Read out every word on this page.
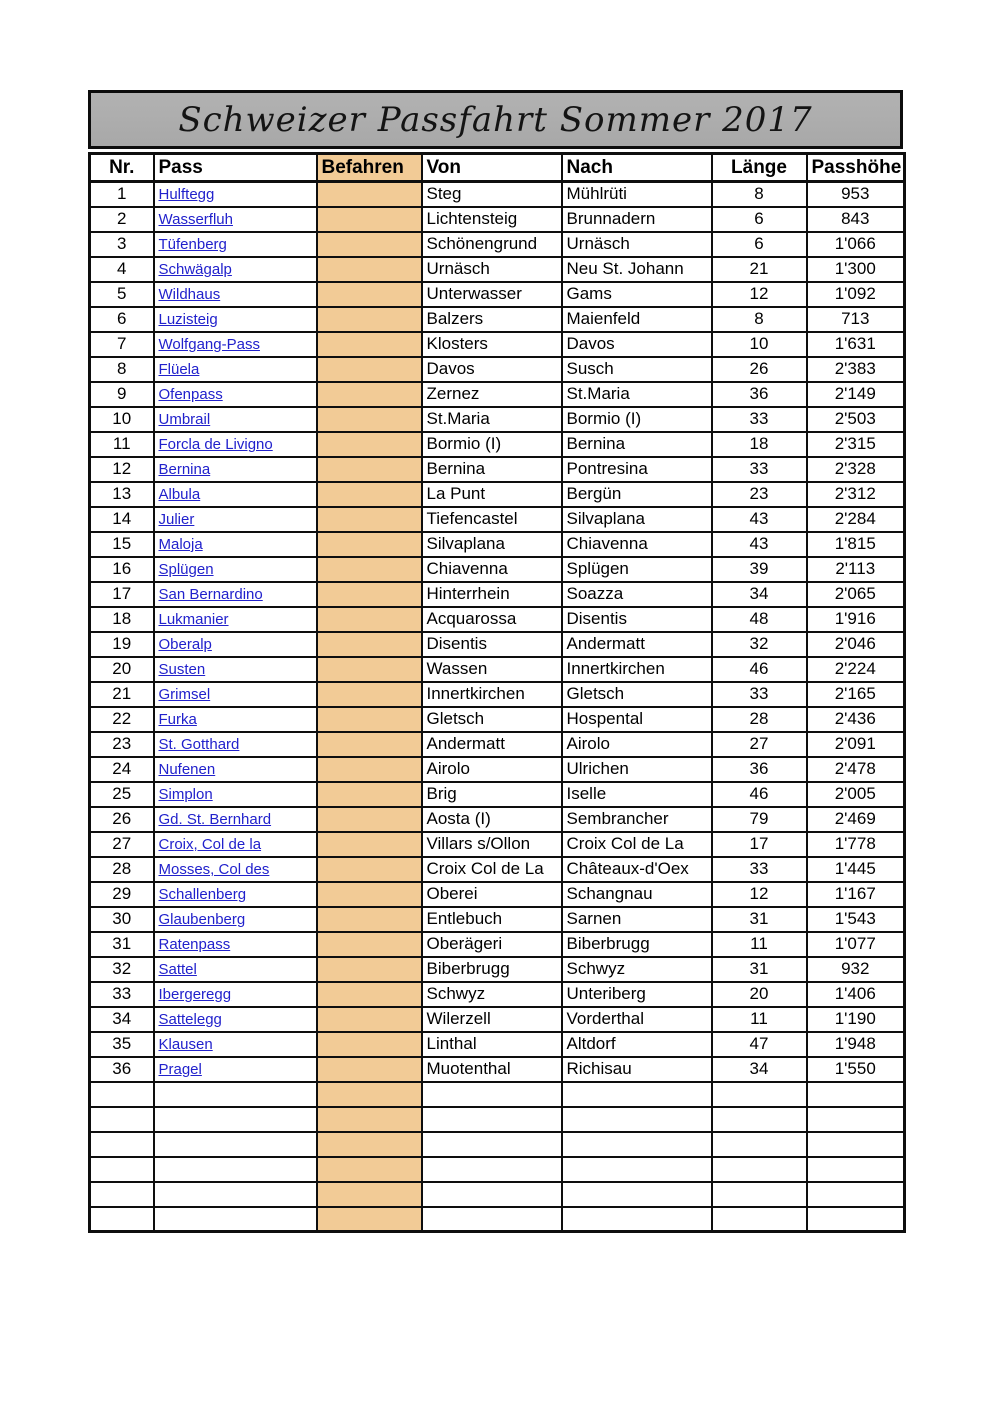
Schweizer Passfahrt Sommer 2017
Nr.	Pass	Befahren	Von	Nach	Länge	Passhöhe
1	Hulftegg		Steg	Mühlrüti	8	953
2	Wasserfluh		Lichtensteig	Brunnadern	6	843
3	Tüfenberg		Schönengrund	Urnäsch	6	1'066
4	Schwägalp		Urnäsch	Neu St. Johann	21	1'300
5	Wildhaus		Unterwasser	Gams	12	1'092
6	Luzisteig		Balzers	Maienfeld	8	713
7	Wolfgang-Pass		Klosters	Davos	10	1'631
8	Flüela		Davos	Susch	26	2'383
9	Ofenpass		Zernez	St.Maria	36	2'149
10	Umbrail		St.Maria	Bormio (I)	33	2'503
11	Forcla de Livigno		Bormio (I)	Bernina	18	2'315
12	Bernina		Bernina	Pontresina	33	2'328
13	Albula		La Punt	Bergün	23	2'312
14	Julier		Tiefencastel	Silvaplana	43	2'284
15	Maloja		Silvaplana	Chiavenna	43	1'815
16	Splügen		Chiavenna	Splügen	39	2'113
17	San Bernardino		Hinterrhein	Soazza	34	2'065
18	Lukmanier		Acquarossa	Disentis	48	1'916
19	Oberalp		Disentis	Andermatt	32	2'046
20	Susten		Wassen	Innertkirchen	46	2'224
21	Grimsel		Innertkirchen	Gletsch	33	2'165
22	Furka		Gletsch	Hospental	28	2'436
23	St. Gotthard		Andermatt	Airolo	27	2'091
24	Nufenen		Airolo	Ulrichen	36	2'478
25	Simplon		Brig	Iselle	46	2'005
26	Gd. St. Bernhard		Aosta (I)	Sembrancher	79	2'469
27	Croix, Col de la		Villars s/Ollon	Croix Col de La	17	1'778
28	Mosses, Col des		Croix Col de La	Châteaux-d'Oex	33	1'445
29	Schallenberg		Oberei	Schangnau	12	1'167
30	Glaubenberg		Entlebuch	Sarnen	31	1'543
31	Ratenpass		Oberägeri	Biberbrugg	11	1'077
32	Sattel		Biberbrugg	Schwyz	31	932
33	Ibergeregg		Schwyz	Unteriberg	20	1'406
34	Sattelegg		Wilerzell	Vorderthal	11	1'190
35	Klausen		Linthal	Altdorf	47	1'948
36	Pragel		Muotenthal	Richisau	34	1'550
